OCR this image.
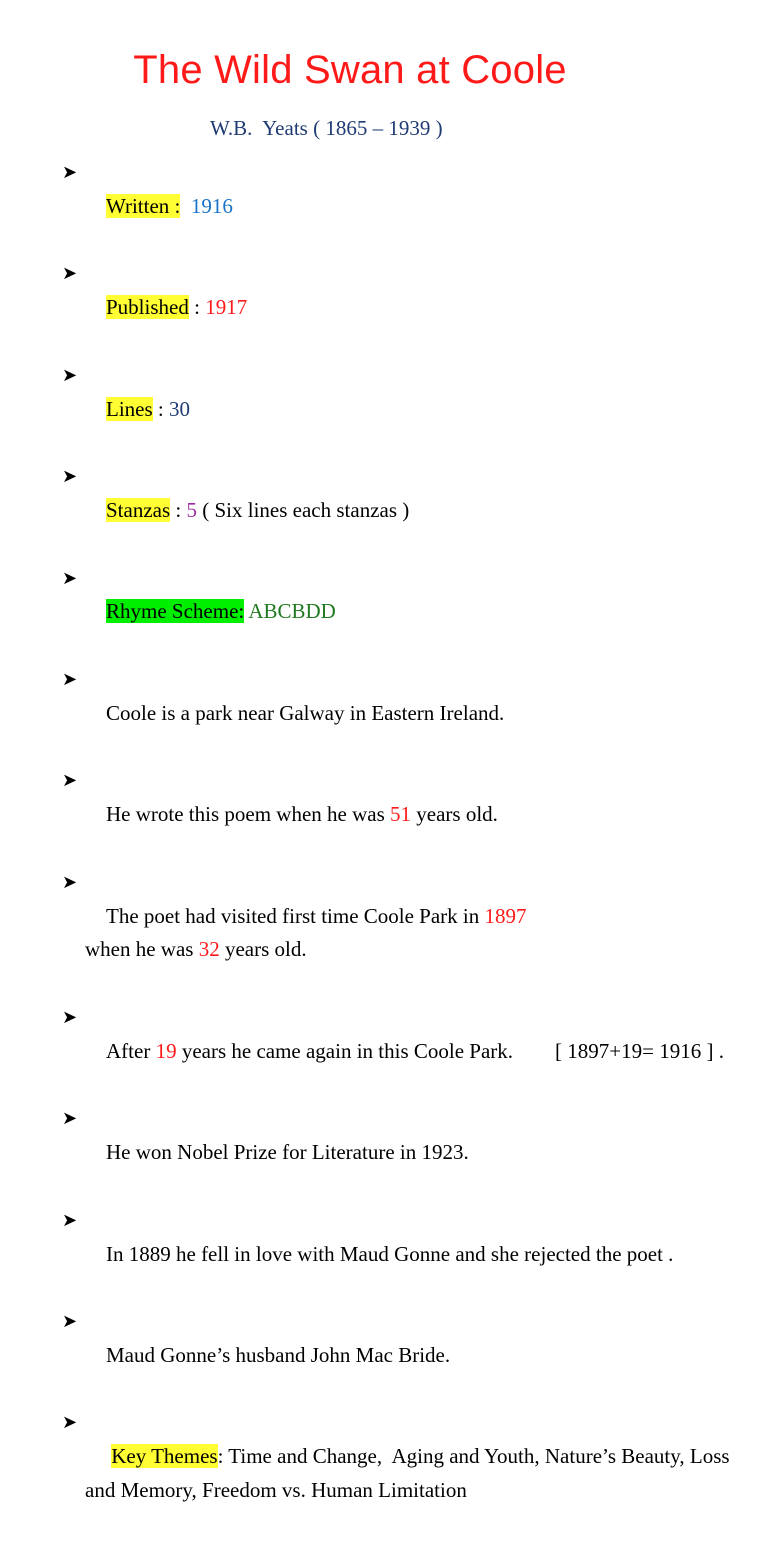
The Wild Swan at Coole
W.B.  Yeats ( 1865 – 1939 )

➤
Written : 1916

➤
Published : 1917

➤
Lines : 30

➤
Stanzas : 5 ( Six lines each stanzas )

➤
Rhyme Scheme: ABCBDD

➤
Coole is a park near Galway in Eastern Ireland.

➤
He wrote this poem when he was 51 years old.

➤
The poet had visited first time Coole Park in 1897
when he was 32 years old.

➤
After 19 years he came again in this Coole Park.        [ 1897+19= 1916 ] .

➤
He won Nobel Prize for Literature in 1923.

➤
In 1889 he fell in love with Maud Gonne and she rejected the poet .

➤
Maud Gonne’s husband John Mac Bride.

➤
Key Themes: Time and Change,  Aging and Youth, Nature’s Beauty, Loss and Memory, Freedom vs. Human Limitation
